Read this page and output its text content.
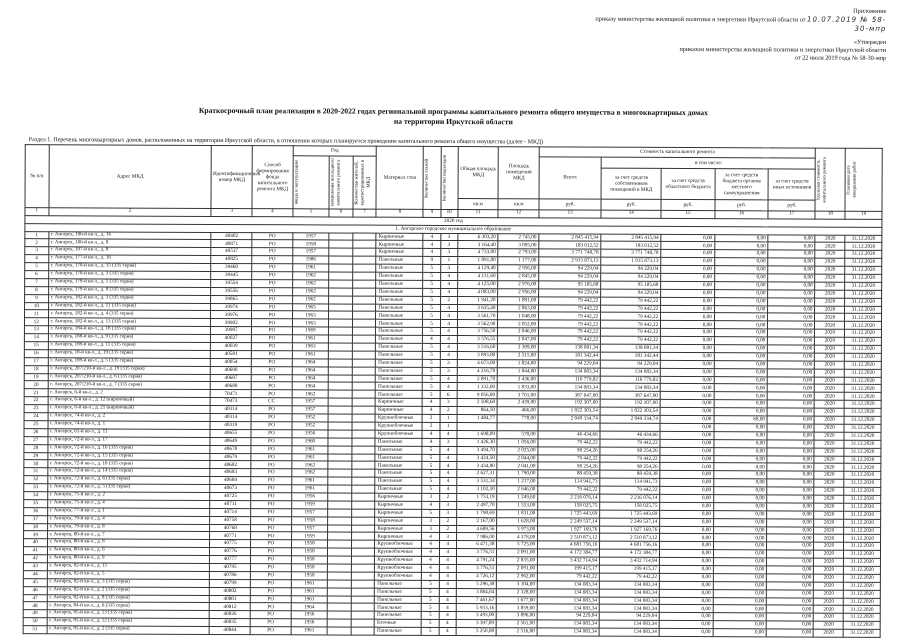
Приложение
приказу министерства жилищной политики и энергетики Иркутской области от 10.07.2019 № 58-30-мпр
«Утвержден
приказом министерства жилищной политики и энергетики Иркутской области
от 22 июля 2019 года № 58-30-мпр
Краткосрочный план реализации в 2020-2022 годах региональной программы капитального ремонта общего имущества в многоквартирных домах
на территории Иркутской области
Раздел 1. Перечень многоквартирных домов, расположенных на территории Иркутской области, в отношении которых планируется проведение капитального ремонта общего имущества (далее - МКД)
№ п/п	Адрес МКД	Идентификационный номер МКД	Способ формирования фонда капитального ремонта МКД	Год			Материал стен	Количество этажей	Количество подъездов	Общая площадь МКД	Площадь помещений МКД	Стоимость капитального ремонта					Удельная стоимость капитального ремонта	Плановая дата завершения работ

				ввода в эксплуатацию	завершения последнего капитального ремонта	Количество жителей, зарегистрированных в МКД						Всего:	в том числе:					
													за счет средств собственников помещений в МКД	за счет средств областного бюджета	за счет средств бюджета органов местного самоуправления	за счет средств иных источников		
										кв.м	кв.м	руб.	руб.	руб.	руб.	руб.		
1	2	3	4	5	6	7	8	9	10	11	12	13	14	15	16	17	18	19
2020 год																		
1. Ангарское городское муниципальное образование																		
1	г. Ангарск, 106-й кв-л., д. 16	40402	РО	1957			Кирпичные	4	3	6 303,20	2 745,00	2 845 415,94	2 845 415,94	0,00	0,00	0,00	2020	31.12.2020
2	г. Ангарск, 106-й кв-л., д. 8	40871	РО	1958			Кирпичные	4	3	3 164,40	3 095,00	183 012,52	183 012,52	0,00	0,00	0,00	2020	31.12.2020
3	г. Ангарск, 107-й кв-л., д. 8	40537	РО	1957			Кирпичные	4	3	4 733,00	2 793,00	3 771 748,78	3 771 748,78	0,00	0,00	0,00	2020	31.12.2020
4	г. Ангарск, 177-й кв-л., д. 16	40825	РО	1986			Панельные	9	1	1 891,80	1 177,00	2 915 873,13	1 915 873,13	0,00	0,00	0,00	2020	31.12.2020
5	г. Ангарск, 178-й кв-л., д. 15 (335 серия)	39460	РО	1961			Панельные	5	3	4 129,40	2 956,00	94 229,04	94 229,04	0,00	0,00	0,00	2020	31.12.2020
6	г. Ангарск, 178-й кв-л., д. 3 (335 серия)	39445	РО	1962			Панельные	5	4	4 131,60	2 845,00	94 229,04	94 229,04	0,00	0,00	0,00	2020	31.12.2020
7	г. Ангарск, 179-й кв-л., д. 1 (335 серия)	39554	РО	1962			Панельные	5	4	4 125,00	2 976,00	95 185,68	95 185,68	0,00	0,00	0,00	2020	31.12.2020
8	г. Ангарск, 179-й кв-л., д. 8 (335 серия)	39556	РО	1962			Панельные	5	4	4 083,00	2 956,00	94 229,04	94 229,04	0,00	0,00	0,00	2020	31.12.2020
9	г. Ангарск, 182-й кв-л., д. 3 (335 серия)	39865	РО	1962			Панельные	5	2	1 941,20	1 891,00	79 442,22	79 442,22	0,00	0,00	0,00	2020	31.12.2020
10	г. Ангарск, 182-й кв-л., д. 11 (335 серия)	39974	РО	1965			Панельные	5	4	3 635,40	2 863,00	79 442,22	79 442,22	0,00	0,00	0,00	2020	31.12.2020
11	г. Ангарск, 182-й кв-л., д. 4 (335 серия)	39976	РО	1963			Панельные	5	4	3 561,70	1 048,00	79 442,22	79 442,22	0,00	0,00	0,00	2020	31.12.2020
12	г. Ангарск, 182-й кв-л., д. 13 (335 серия)	39902	РО	1963			Панельные	5	4	3 562,90	2 052,00	79 442,22	79 442,22	0,00	0,00	0,00	2020	31.12.2020
13	г. Ангарск, 184-й кв-л., д. 18 (335 серия)	39907	РО	1969			Панельные	5	4	3 756,50	2 046,00	79 442,22	79 442,22	0,00	0,00	0,00	2020	31.12.2020
14	г. Ангарск, 188-й кв-л., д. 9 (335 серия)	40027	РО	1961			Панельные	4	4	3 576,55	2 047,00	79 442,22	79 442,22	0,00	0,00	0,00	2020	31.12.2020
15	г. Ангарск, 189-й кв-л., д. 11 (335 серия)	40039	РО	1963			Панельные	5	4	3 516,60	2 309,00	138 081,34	138 081,34	0,00	0,00	0,00	2020	31.12.2020
16	г. Ангарск, 18-й кв-л., д. 19 (335 серия)	40581	РО	1961			Панельные	5	4	3 893,80	2 515,00	181 342,44	181 342,44	0,00	0,00	0,00	2020	31.12.2020
17	г. Ангарск, 189-й кв-л., д. 5 (335 серия)	40054	РО	1964			Панельные	5	3	4 673,00	1 824,00	94 229,04	94 229,04	0,00	0,00	0,00	2020	31.12.2020
18	г. Ангарск, 207/210-й кв-л., д. 19 (335 серия)	40690	РО	1964			Панельные	5	3	4 216,70	1 844,00	134 083,34	134 083,34	0,00	0,00	0,00	2020	31.12.2020
19	г. Ангарск, 207/210-й кв-л., д. 6 (335 серия)	40687	РО	1964			Панельные	5	4	2 891,70	2 436,00	110 779,82	110 779,82	0,00	0,00	0,00	2020	31.12.2020
20	г. Ангарск, 207/210-й кв-л., д. 7 (335 серия)	40688	РО	1964			Панельные	5	4	1 332,00	1 833,00	134 083,34	134 083,34	0,00	0,00	0,00	2020	31.12.2020
21	г. Ангарск, 6-й кв-л., д. 2	70471	РО	1962			Панельные	5	6	9 056,80	3 701,00	387 647,00	387 647,00	0,00	0,00	0,00	2020	31.12.2020
22	г. Ангарск, 6-й кв-л., д. 12 (кирпичный)	70473	СС	1957			Кирпичные	4	3	2 508,60	2 439,00	192 307,00	192 307,00	0,00	0,00	0,00	2020	31.12.2020
23	г. Ангарск, 6-й кв-л., д. 21 (кирпичный)	40314	РО	1957			Кирпичные	4	2	864,50	466,00	1 022 303,54	1 022 303,54	0,00	0,00	0,00	2020	31.12.2020
24	г. Ангарск, 74-й кв-л., д. 2	40314	РО	1952			Крупноблочные	2	1	1 484,77	778,00	2 049 334,74	2 049 334,74	0,00	68,00	0,00	2020	31.12.2020
25	г. Ангарск, 74-й кв-л., д. 1	40319	РО	1952			Крупноблочные	2	1					0,00	0,00	0,00	2020	31.12.2020
26	г. Ангарск, 61-й кв-л., д. 11	40655	РО	1956			Крупноблочные	4	4	1 698,09	578,00	46 434,66	46 434,66	0,00	0,00	0,00	2020	31.12.2020
27	г. Ангарск, 72-й кв-л., д. 17	40649	РО	1960			Панельные	4	3	1 426,30	1 056,00	79 442,22	79 442,22	0,00	0,00	0,00	2020	31.12.2020
28	г. Ангарск, 72-й кв-л., д. 16 (335 серия)	40678	РО	1961			Панельные	5	4	3 494,70	2 025,00	98 254,26	98 254,26	0,00	0,00	0,00	2020	31.12.2020
29	г. Ангарск, 72-й кв-л., д. 15 (335 серия)	40679	РО	1961			Панельные	5	4	3 424,50	2 044,00	79 442,22	79 442,22	0,00	0,00	0,00	2020	31.12.2020
30	г. Ангарск, 72-й кв-л., д. 18 (335 серия)	40682	РО	1962			Панельные	5	4	3 434,80	2 041,00	98 254,26	98 254,26	0,00	0,00	0,00	2020	31.12.2020
31	г. Ангарск, 72-й кв-л., д. 14 (335 серия)	40683	РО	1962			Панельные	5	4	2 627,31	1 790,00	88 459,38	88 459,38	0,00	0,00	0,00	2020	31.12.2020
32	г. Ангарск, 72-й кв-л., д. 6 (335 серия)	40684	РО	1961			Панельные	5	4	3 531,34	1 217,00	114 941,73	114 941,73	0,00	0,00	0,00	2020	31.12.2020
33	г. Ангарск, 72-й кв-л., д. 5 (335 серия)	40673	РО	1961			Панельные	5	4	3 102,30	2 646,00	79 442,22	79 442,22	0,00	0,00	0,00	2020	31.12.2020
34	г. Ангарск, 75-й кв-л., д. 2	40725	РО	1956			Кирпичные	3	2	1 753,19	1 249,60	2 216 076,14	2 216 076,14	0,00	0,00	0,00	2020	31.12.2020
35	г. Ангарск, 75-й кв-л., д. 4	40711	РО	1959			Кирпичные	4	3	2 497,70	1 553,00	158 025,75	158 025,75	0,00	0,00	0,00	2020	31.12.2020
36	г. Ангарск, 77-й кв-л., д. 1	40714	РО	1957			Кирпичные	5	3	1 790,69	1 831,00	1 725 443,69	1 725 443,69	0,00	0,00	0,00	2020	31.12.2020
37	г. Ангарск, 79-й кв-л., д. 4	40758	РО	1958			Кирпичные	3	2	2 167,00	1 628,00	2 249 537,14	2 249 537,14	0,00	0,00	0,00	2020	31.12.2020
38	г. Ангарск, 79-й кв-л., д. 8	40768	РО	1957			Кирпичные	3	2	4 689,56	3 973,00	1 927 169,76	1 927 169,76	0,00	0,00	0,00	2020	31.12.2020
39	г. Ангарск, 80-й кв-л., д. 7	40771	РО	1959			Кирпичные	4	3	7 986,00	4 378,00	2 510 873,12	2 510 873,12	0,00	0,00	0,00	2020	31.12.2020
40	г. Ангарск, 80-й кв-л., д. 8	40775	РО	1958			Крупноблочные	4	4	6 471,38	5 725,00	4 681 756,16	4 681 756,16	0,00	0,00	0,00	2020	31.12.2020
41	г. Ангарск, 80-й кв-л., д. 6	40776	РО	1958			Крупноблочные	4	4	3 776,51	2 091,00	4 172 384,77	4 172 384,77	0,00	0,00	0,00	2020	31.12.2020
42	г. Ангарск, 80-й кв-л., д. 9	40777	РО	1958			Крупноблочные	4	4	4 791,24	2 835,00	3 432 714,94	3 432 714,94	0,00	0,00	0,00	2020	31.12.2020
43	г. Ангарск, 82-й кв-л., д. 15	40795	РО	1958			Крупноблочные	4	4	3 776,51	2 091,00	199 415,17	199 415,17	0,00	0,00	0,00	2020	31.12.2020
44	г. Ангарск, 82-й кв-л., д. 5	40786	РО	1958			Крупноблочные	4	4	4 726,12	2 962,00	79 442,22	79 442,22	0,00	0,00	0,00	2020	31.12.2020
45	г. Ангарск, 82-й кв-л., д. 3 (315 серия)	40799	РО	1961			Панельные	5	4	5 296,38	3 104,00	134 083,34	134 083,34	0,00	0,00	0,00	2020	31.12.2020
46	г. Ангарск, 82-й кв-л., д. 2 (335 серия)	40802	РО	1961			Панельные	5	4	3 884,04	2 328,00	134 083,34	134 083,34	0,00	0,00	0,00	2020	31.12.2020
47	г. Ангарск, 82-й кв-л., д. 8 (335 серия)	40801	РО	1961			Панельные	5	4	7 461,67	1 677,00	134 083,34	134 083,34	0,00	0,00	0,00	2020	31.12.2020
48	г. Ангарск, 84-й кв-л., д. 6 (335 серия)	40812	РО	1964			Панельные	5	4	5 933,16	3 859,00	134 083,34	134 083,34	0,00	0,00	0,00	2020	31.12.2020
49	г. Ангарск, 85-й кв-л., д. 13 (335 серия)	40826	РО	1956			Панельные	5	4	3 493,00	3 896,00	94 229,04	94 229,04	0,00	0,00	0,00	2020	31.12.2020
50	г. Ангарск, 85-й кв-л., д. 12 (335 серия)	40835	РО	1956			Блочные	5	4	3 397,89	2 561,00	134 083,34	134 083,34	0,00	0,00	0,00	2020	31.12.2020
51	г. Ангарск, 85-й кв-л., д. 2 (335 серия)	40844	РО	1961			Панельные	5	4	5 250,08	2 516,00	134 083,34	134 083,34	0,00	0,00	0,00	2020	31.12.2020
